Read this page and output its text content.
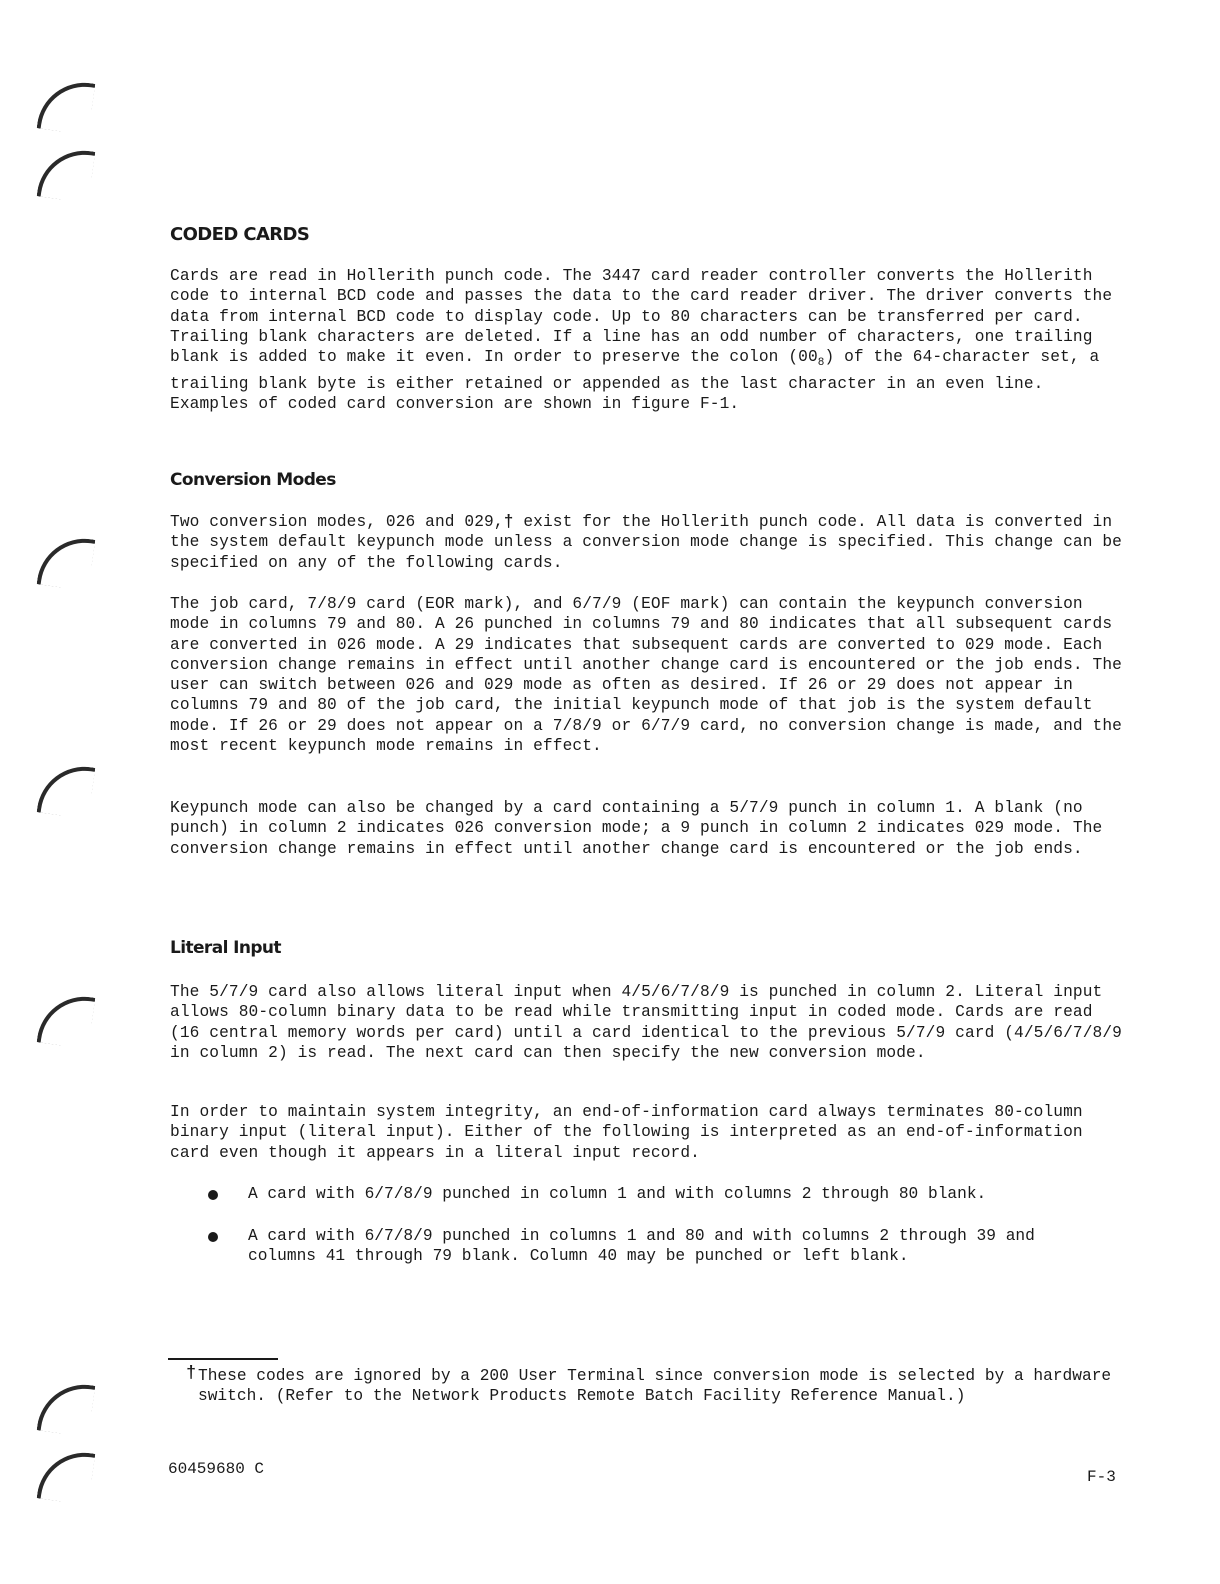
CODED CARDS

Cards are read in Hollerith punch code. The 3447 card reader controller converts the Hollerith code to internal BCD code and passes the data to the card reader driver. The driver converts the data from internal BCD code to display code. Up to 80 characters can be transferred per card. Trailing blank characters are deleted. If a line has an odd number of characters, one trailing blank is added to make it even. In order to preserve the colon $(00_8)$ of the 64-character set, a trailing blank byte is either retained or appended as the last character in an even line. Examples of coded card conversion are shown in figure F-1.

Conversion Modes

Two conversion modes, 026 and 029,† exist for the Hollerith punch code. All data is converted in the system default keypunch mode unless a conversion mode change is specified. This change can be specified on any of the following cards.

The job card, 7/8/9 card (EOR mark), and 6/7/9 (EOF mark) can contain the keypunch conversion mode in columns 79 and 80. A 26 punched in columns 79 and 80 indicates that all subsequent cards are converted in 026 mode. A 29 indicates that subsequent cards are converted to 029 mode. Each conversion change remains in effect until another change card is encountered or the job ends. The user can switch between 026 and 029 mode as often as desired. If 26 or 29 does not appear in columns 79 and 80 of the job card, the initial keypunch mode of that job is the system default mode. If 26 or 29 does not appear on a 7/8/9 or 6/7/9 card, no conversion change is made, and the most recent keypunch mode remains in effect.

Keypunch mode can also be changed by a card containing a 5/7/9 punch in column 1. A blank (no punch) in column 2 indicates 026 conversion mode; a 9 punch in column 2 indicates 029 mode. The conversion change remains in effect until another change card is encountered or the job ends.

Literal Input

The 5/7/9 card also allows literal input when 4/5/6/7/8/9 is punched in column 2. Literal input allows 80-column binary data to be read while transmitting input in coded mode. Cards are read (16 central memory words per card) until a card identical to the previous 5/7/9 card (4/5/6/7/8/9 in column 2) is read. The next card can then specify the new conversion mode.

In order to maintain system integrity, an end-of-information card always terminates 80-column binary input (literal input). Either of the following is interpreted as an end-of-information card even though it appears in a literal input record.

A card with 6/7/8/9 punched in column 1 and with columns 2 through 80 blank.

A card with 6/7/8/9 punched in columns 1 and 80 and with columns 2 through 39 and columns 41 through 79 blank. Column 40 may be punched or left blank.

† These codes are ignored by a 200 User Terminal since conversion mode is selected by a hardware switch. (Refer to the Network Products Remote Batch Facility Reference Manual.)

60459680 C	F-3
